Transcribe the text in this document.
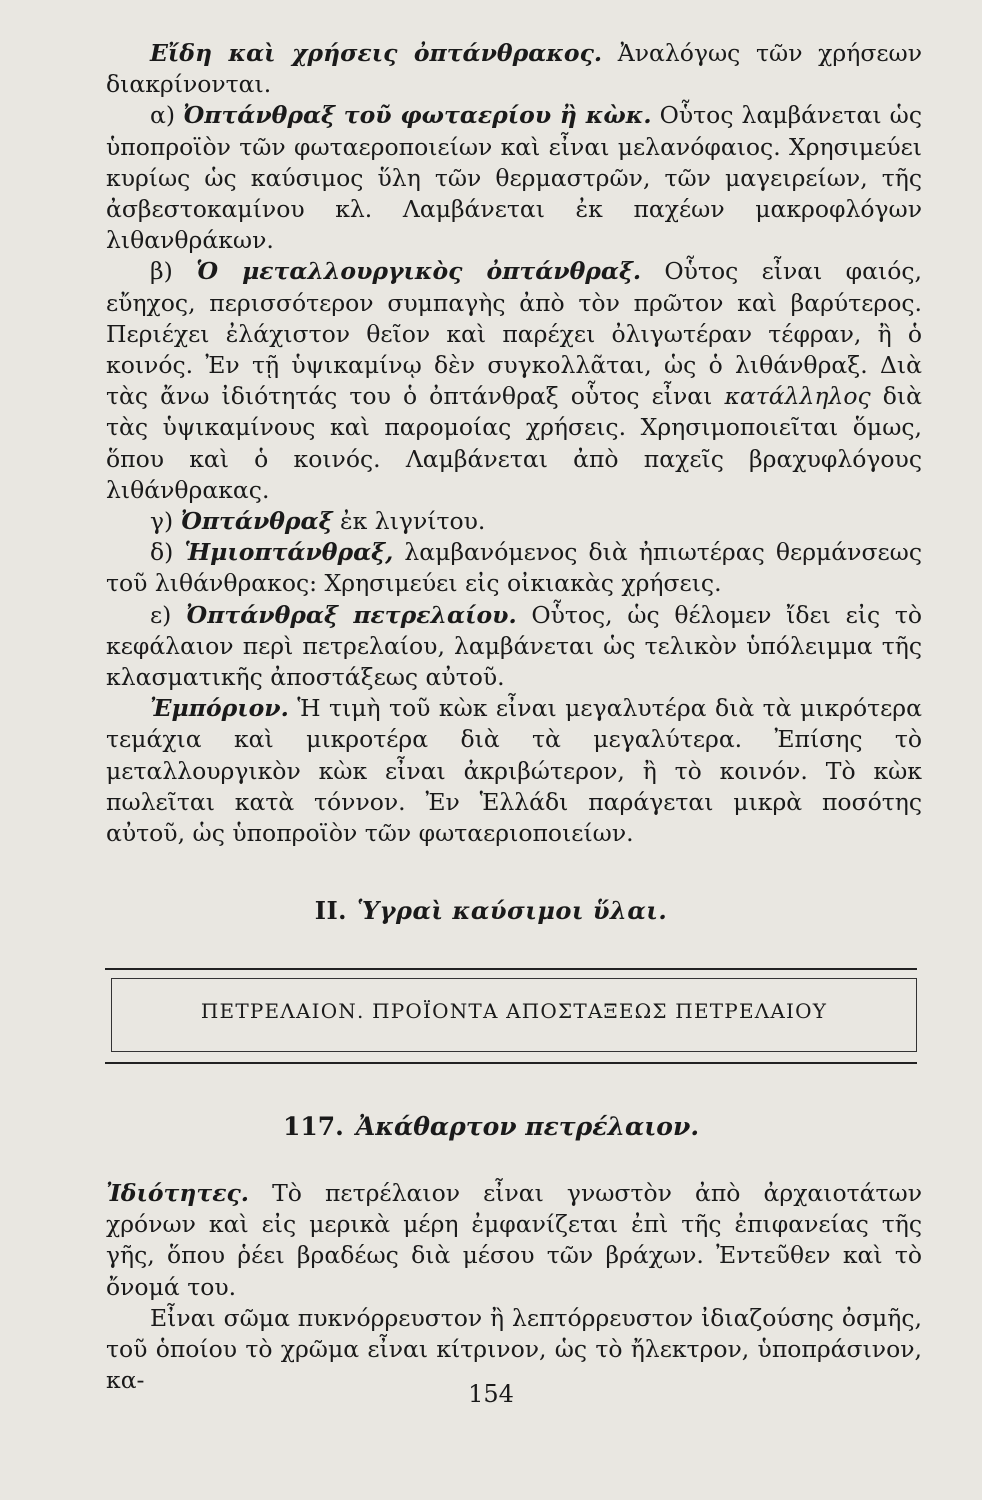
Εἴδη καὶ χρήσεις ὀπτάνθρακος. Ἀναλόγως τῶν χρήσεων διακρίνονται.

α) Ὀπτάνθραξ τοῦ φωταερίου ἢ κὼκ. Οὗτος λαμβάνεται ὡς ὑποπροϊὸν τῶν φωταεροποιείων καὶ εἶναι μελανόφαιος. Χρησιμεύει κυρίως ὡς καύσιμος ὕλη τῶν θερμαστρῶν, τῶν μαγειρείων, τῆς ἀσβεστοκαμίνου κλ. Λαμβάνεται ἐκ παχέων μακροφλόγων λιθανθράκων.

β) Ὁ μεταλλουργικὸς ὀπτάνθραξ. Οὗτος εἶναι φαιός, εὔηχος, περισσότερον συμπαγὴς ἀπὸ τὸν πρῶτον καὶ βαρύτερος. Περιέχει ἐλάχιστον θεῖον καὶ παρέχει ὀλιγωτέραν τέφραν, ἢ ὁ κοινός. Ἐν τῇ ὑψικαμίνῳ δὲν συγκολλᾶται, ὡς ὁ λιθάνθραξ. Διὰ τὰς ἄνω ἰδιότητάς του ὁ ὀπτάνθραξ οὗτος εἶναι κατάλληλος διὰ τὰς ὑψικαμίνους καὶ παρομοίας χρήσεις. Χρησιμοποιεῖται ὅμως, ὅπου καὶ ὁ κοινός. Λαμβάνεται ἀπὸ παχεῖς βραχυφλόγους λιθάνθρακας.

γ) Ὀπτάνθραξ ἐκ λιγνίτου.

δ) Ἡμιοπτάνθραξ, λαμβανόμενος διὰ ἠπιωτέρας θερμάνσεως τοῦ λιθάνθρακος: Χρησιμεύει εἰς οἰκιακὰς χρήσεις.

ε) Ὀπτάνθραξ πετρελαίου. Οὗτος, ὡς θέλομεν ἴδει εἰς τὸ κεφάλαιον περὶ πετρελαίου, λαμβάνεται ὡς τελικὸν ὑπόλειμμα τῆς κλασματικῆς ἀποστάξεως αὐτοῦ.

Ἐμπόριον. Ἡ τιμὴ τοῦ κὼκ εἶναι μεγαλυτέρα διὰ τὰ μικρότερα τεμάχια καὶ μικροτέρα διὰ τὰ μεγαλύτερα. Ἐπίσης τὸ μεταλλουργικὸν κὼκ εἶναι ἀκριβώτερον, ἢ τὸ κοινόν. Τὸ κὼκ πωλεῖται κατὰ τόννον. Ἐν Ἑλλάδι παράγεται μικρὰ ποσότης αὐτοῦ, ὡς ὑποπροϊὸν τῶν φωταεριοποιείων.

II. Ὑγραὶ καύσιμοι ὕλαι.
ΠΕΤΡΕΛΑΙΟΝ. ΠΡΟΪΟΝΤΑ ΑΠΟΣΤΑΞΕΩΣ ΠΕΤΡΕΛΑΙΟΥ
117. Ἀκάθαρτον πετρέλαιον.

Ἰδιότητες. Τὸ πετρέλαιον εἶναι γνωστὸν ἀπὸ ἀρχαιοτάτων χρόνων καὶ εἰς μερικὰ μέρη ἐμφανίζεται ἐπὶ τῆς ἐπιφανείας τῆς γῆς, ὅπου ῥέει βραδέως διὰ μέσου τῶν βράχων. Ἐντεῦθεν καὶ τὸ ὄνομά του.

Εἶναι σῶμα πυκνόρρευστον ἢ λεπτόρρευστον ἰδιαζούσης ὀσμῆς, τοῦ ὁποίου τὸ χρῶμα εἶναι κίτρινον, ὡς τὸ ἤλεκτρον, ὑποπράσινον, κα-	154
